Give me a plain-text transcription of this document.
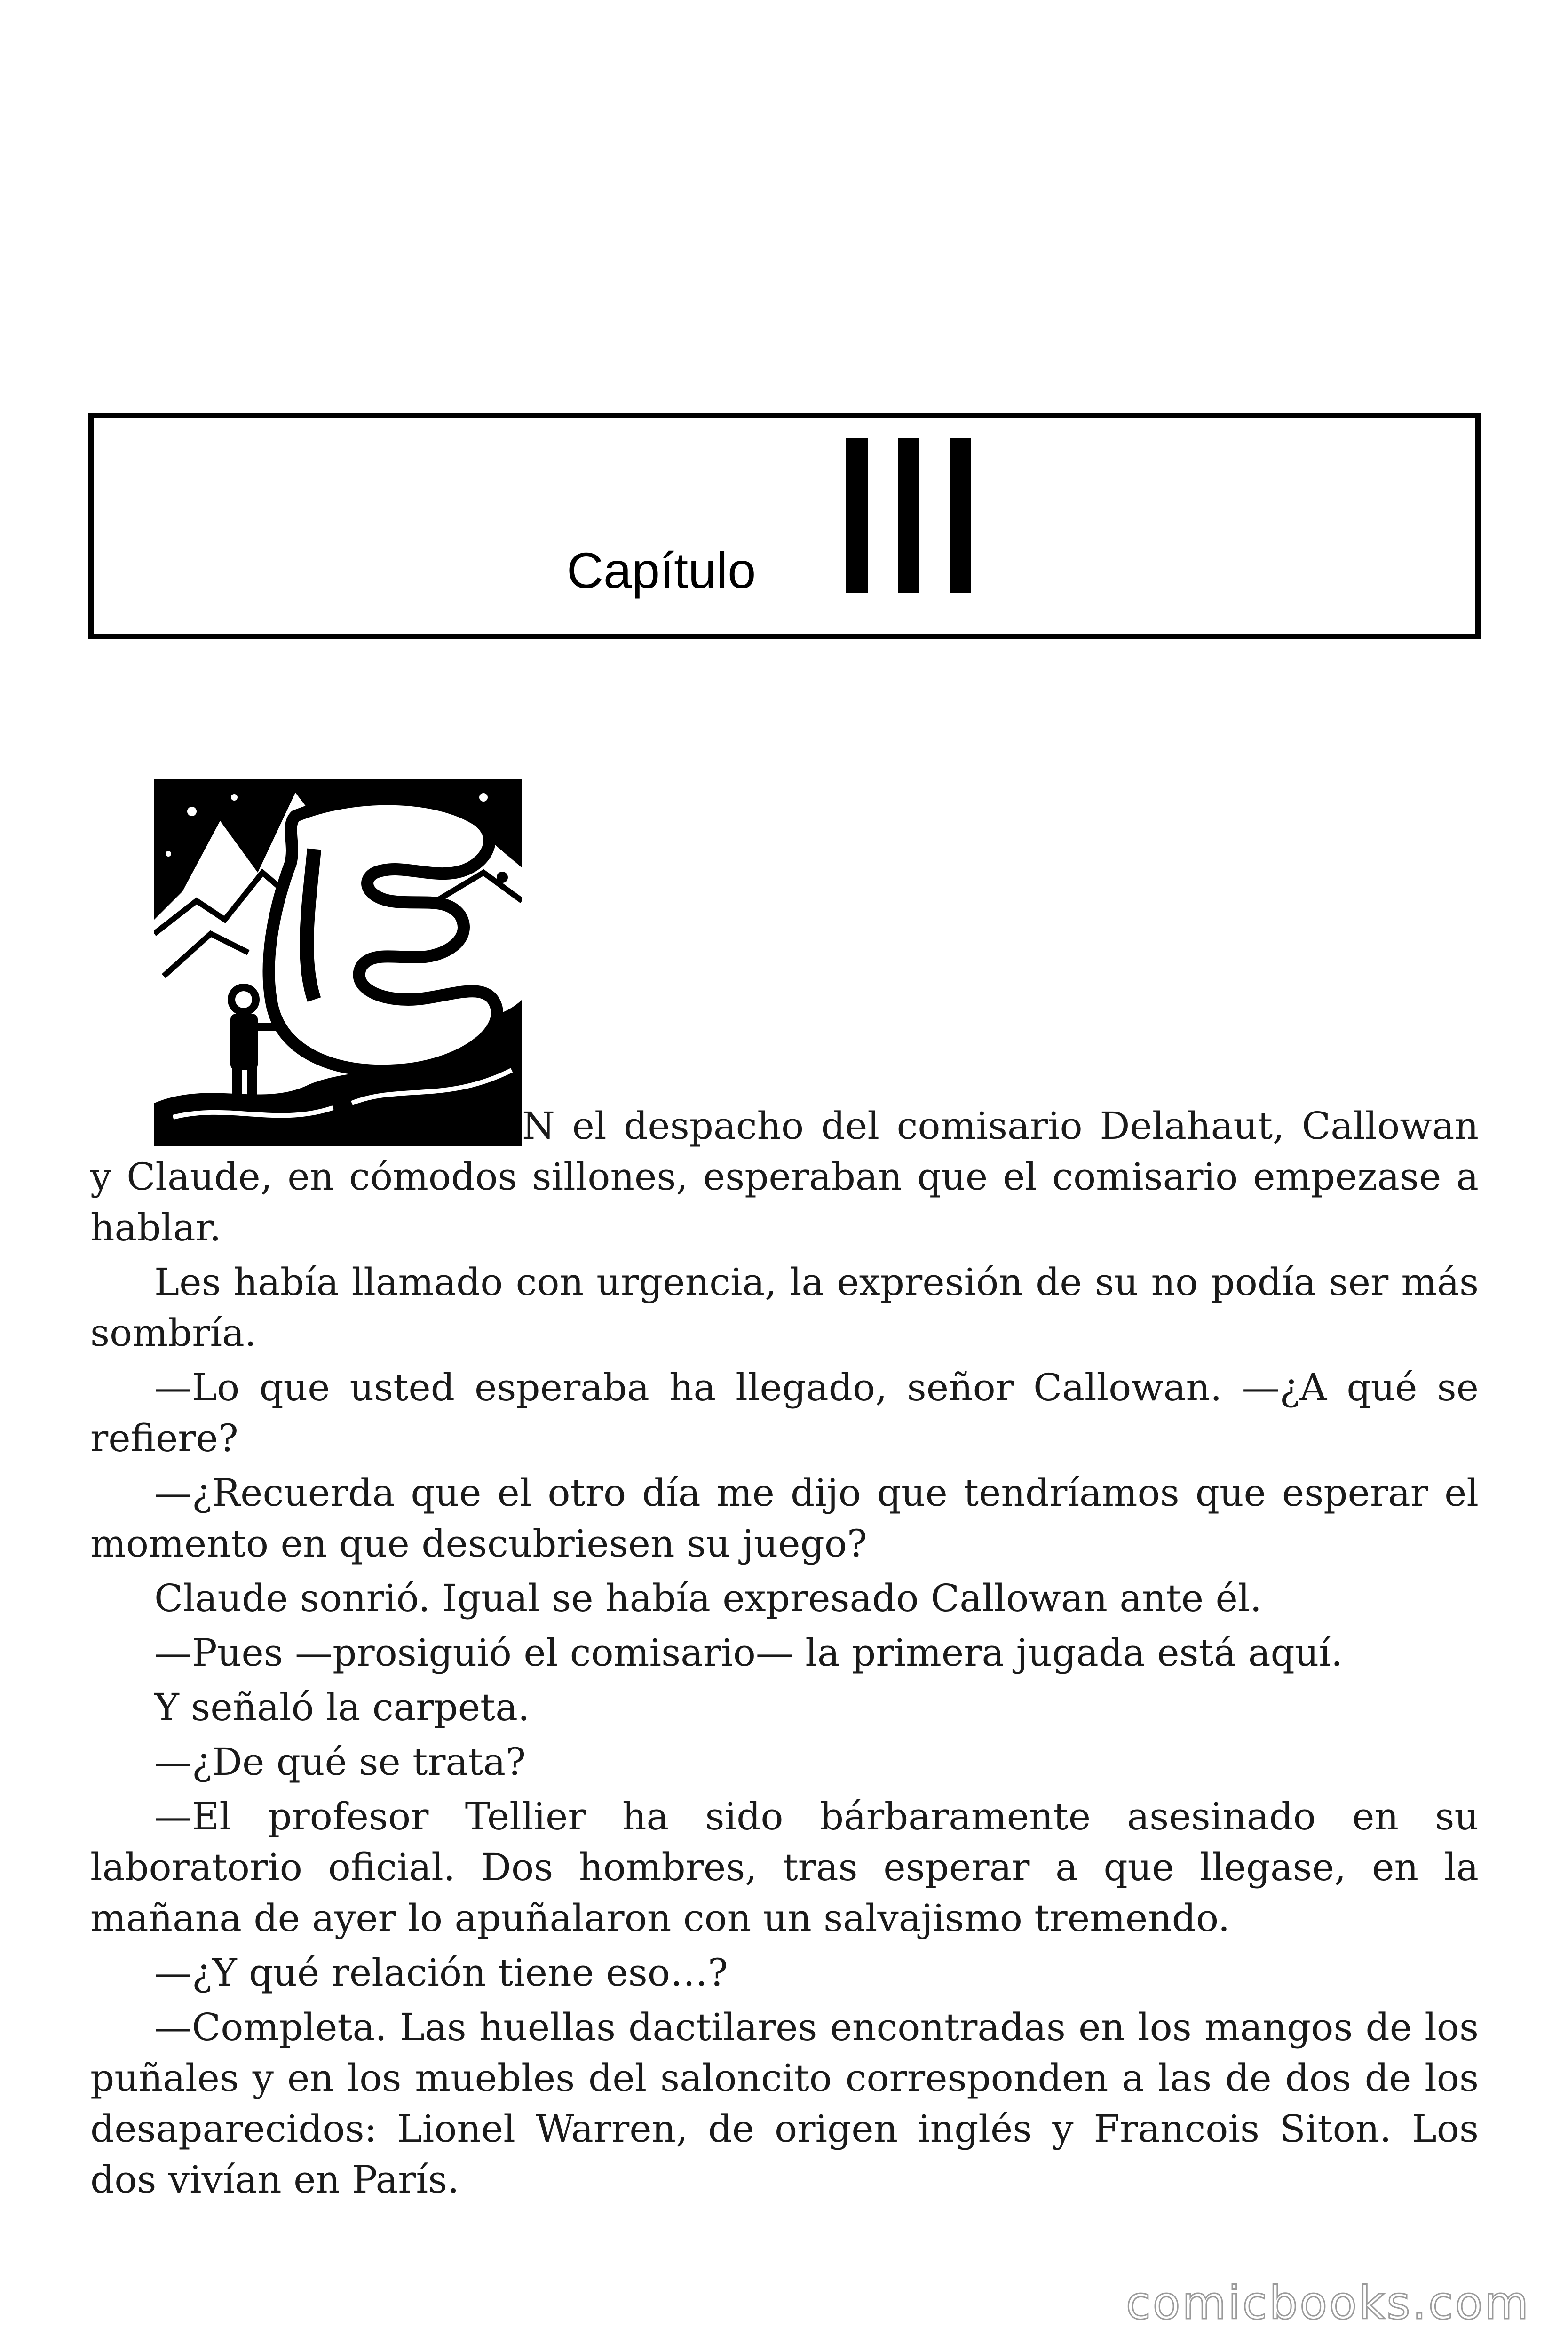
Capítulo

N el despacho del comisario Delahaut, Callowan y Claude, en cómodos sillones, esperaban que el comisario empezase a hablar.

Les había llamado con urgencia, la expresión de su no podía ser más sombría.

—Lo que usted esperaba ha llegado, señor Callowan. —¿A qué se refiere?

—¿Recuerda que el otro día me dijo que tendríamos que esperar el momento en que descubriesen su juego?

Claude sonrió. Igual se había expresado Callowan ante él.

—Pues —prosiguió el comisario— la primera jugada está aquí.

Y señaló la carpeta.

—¿De qué se trata?

—El profesor Tellier ha sido bárbaramente asesinado en su laboratorio oficial. Dos hombres, tras esperar a que llegase, en la mañana de ayer lo apuñalaron con un salvajismo tremendo.

—¿Y qué relación tiene eso…?

—Completa. Las huellas dactilares encontradas en los mangos de los puñales y en los muebles del saloncito corresponden a las de dos de los desaparecidos: Lionel Warren, de origen inglés y Francois Siton. Los dos vivían en París.

comicbooks.com
